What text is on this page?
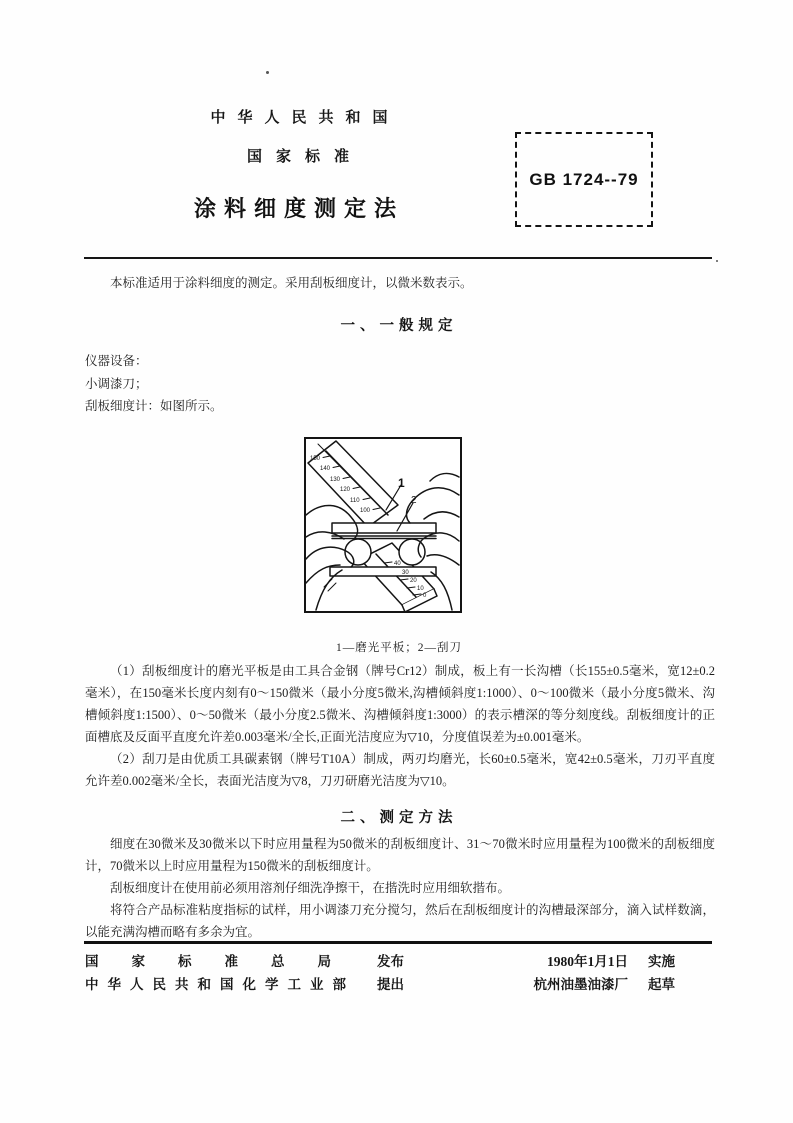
中华人民共和国
国家标准
涂料细度测定法
GB 1724--79

本标准适用于涂料细度的测定。采用刮板细度计，以微米数表示。

一、一般规定
仪器设备：
小调漆刀；
刮板细度计：如图所示。
150
140
130
120
110
100
40
30
20
10
0
1
2
1—磨光平板；2—刮刀

（1）刮板细度计的磨光平板是由工具合金钢（牌号Cr12）制成，板上有一长沟槽（长155±0.5毫米，宽12±0.2毫米），在150毫米长度内刻有0～150微米（最小分度5微米,沟槽倾斜度1:1000）、0～100微米（最小分度5微米、沟槽倾斜度1:1500）、0～50微米（最小分度2.5微米、沟槽倾斜度1:3000）的表示槽深的等分刻度线。刮板细度计的正面槽底及反面平直度允许差0.003毫米/全长,正面光洁度应为▽10，分度值误差为±0.001毫米。

（2）刮刀是由优质工具碳素钢（牌号T10A）制成，两刃均磨光，长60±0.5毫米，宽42±0.5毫米，刀刃平直度允许差0.002毫米/全长，表面光洁度为▽8，刀刃研磨光洁度为▽10。

二、测定方法

细度在30微米及30微米以下时应用量程为50微米的刮板细度计、31～70微米时应用量程为100微米的刮板细度计，70微米以上时应用量程为150微米的刮板细度计。

刮板细度计在使用前必须用溶剂仔细洗净擦干，在揩洗时应用细软揩布。

将符合产品标准粘度指标的试样，用小调漆刀充分搅匀，然后在刮板细度计的沟槽最深部分，滴入试样数滴，以能充满沟槽而略有多余为宜。

国家标准总局 发布	1980年1月1日 实施
中华人民共和国化学工业部	提出	杭州油墨油漆厂 起草
